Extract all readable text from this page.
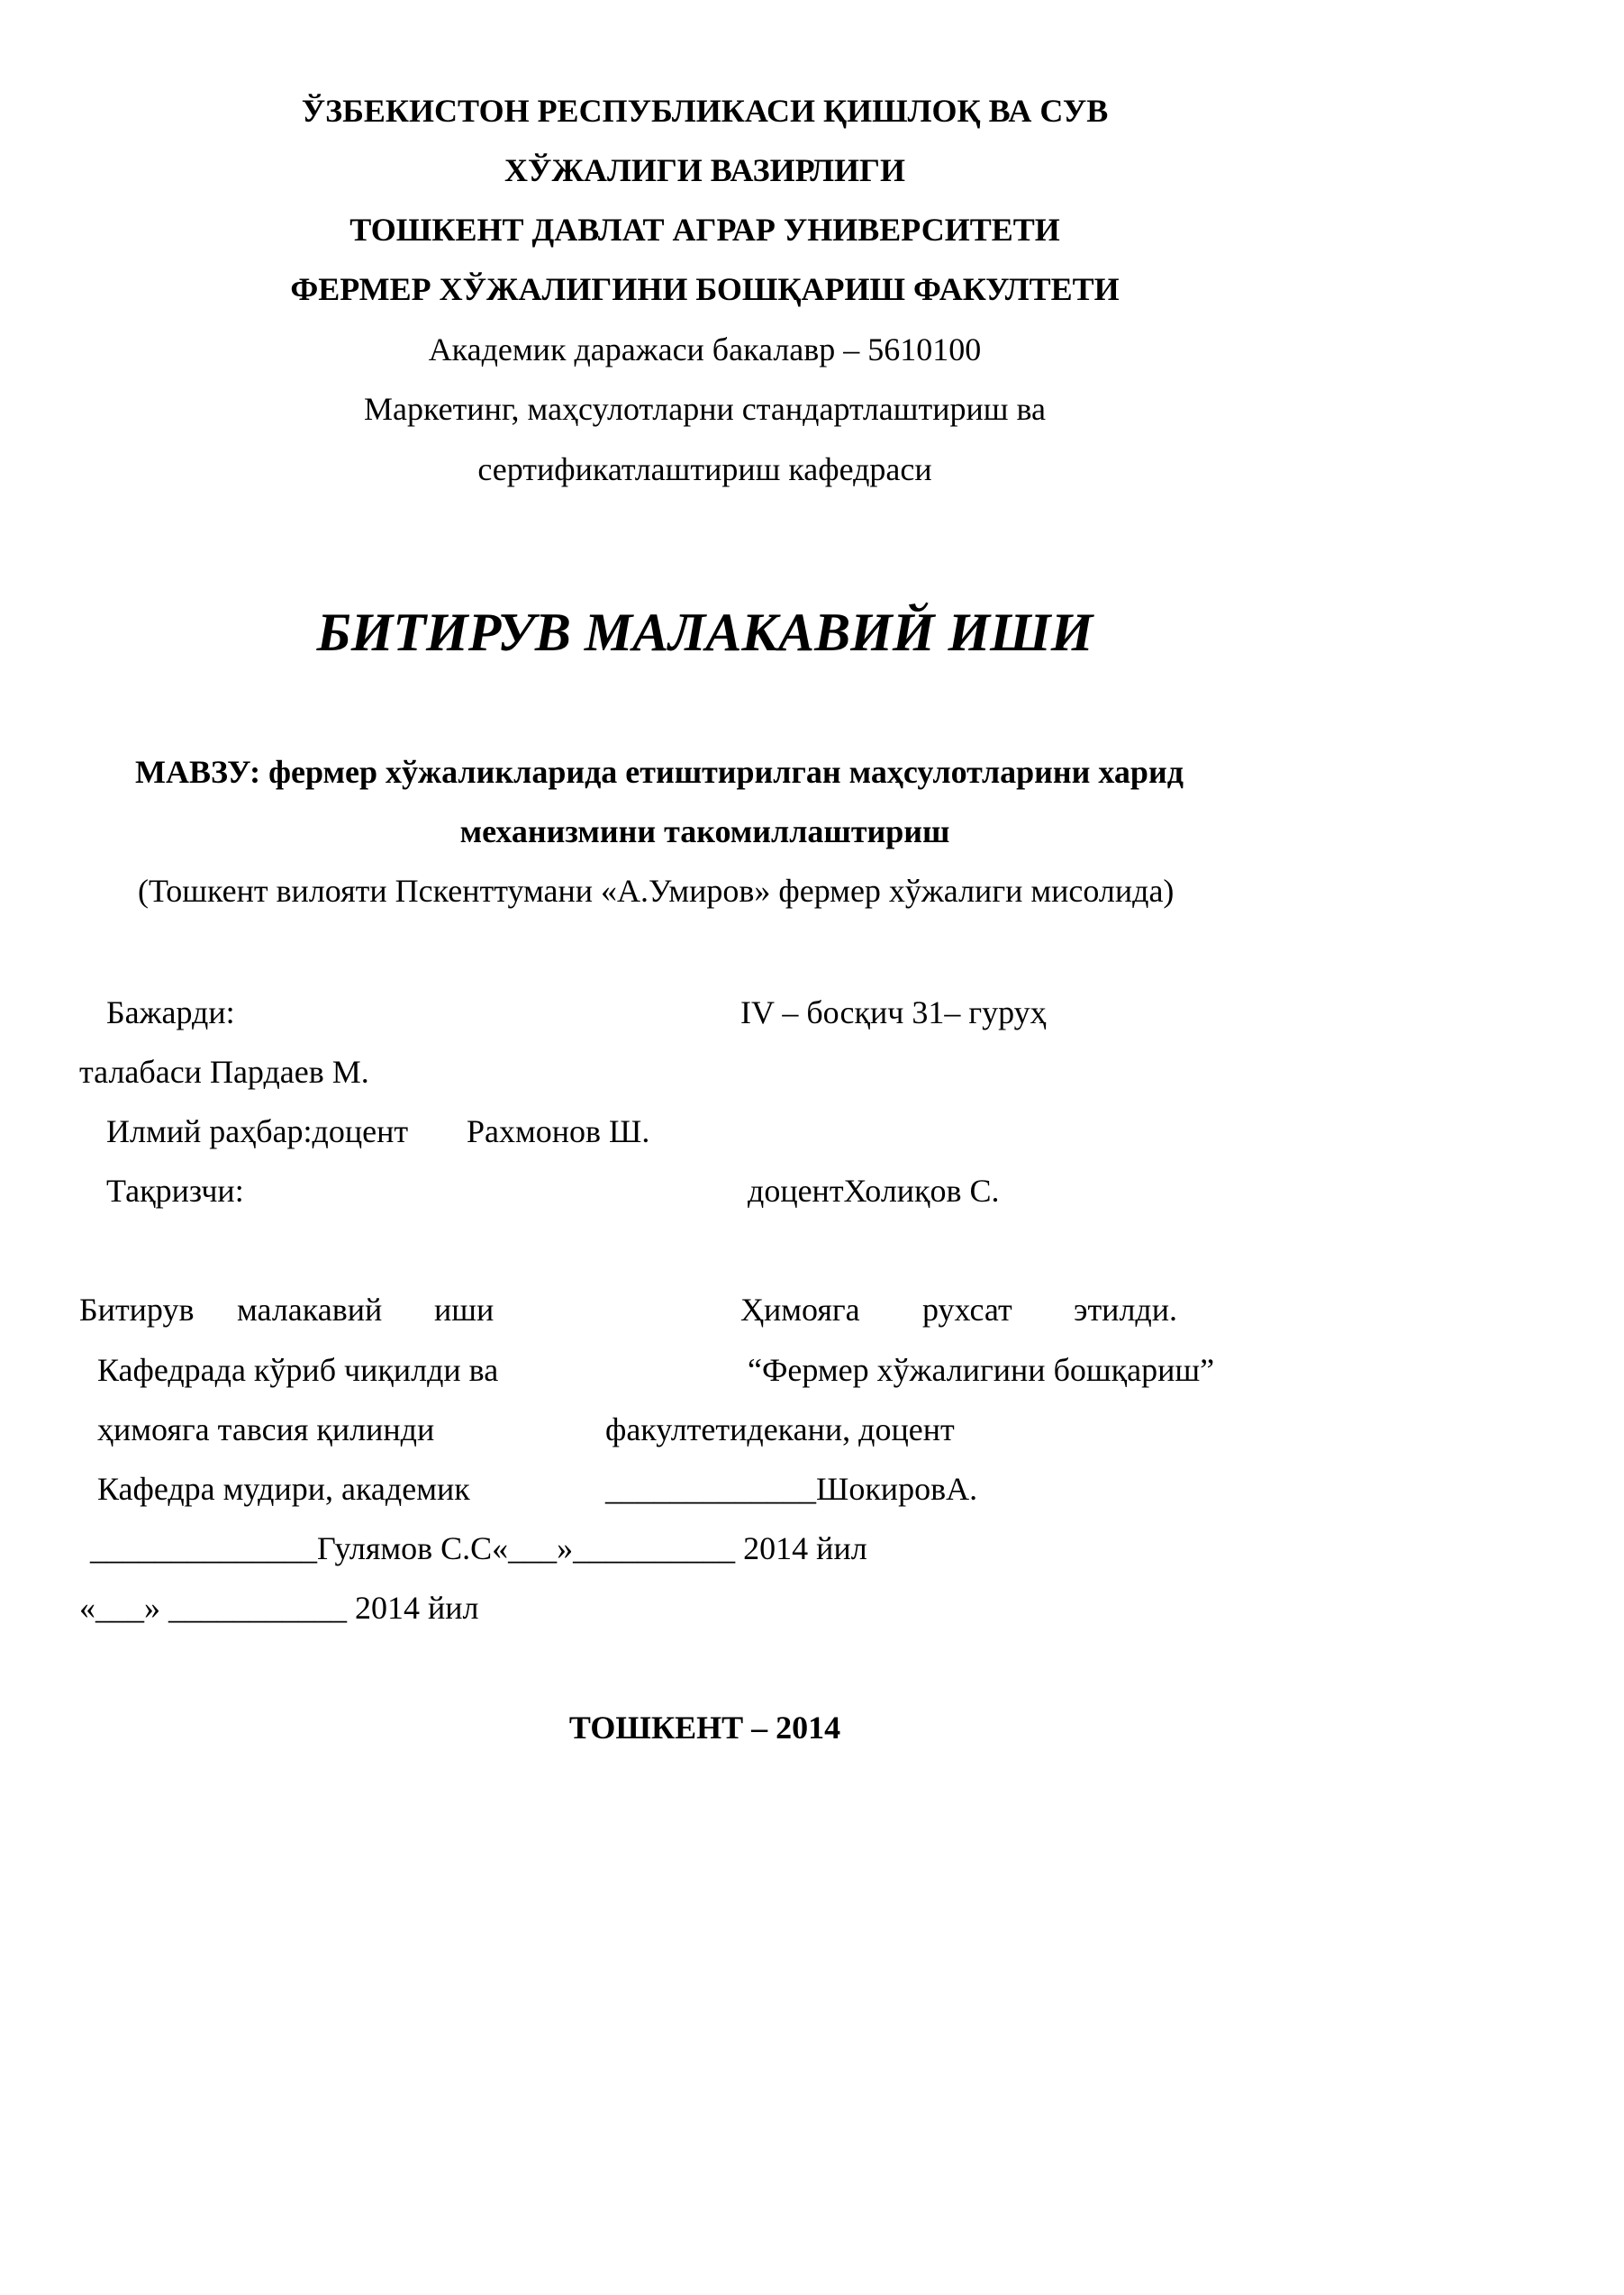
ЎЗБЕКИСТОН РЕСПУБЛИКАСИ ҚИШЛОҚ ВА СУВ
ХЎЖАЛИГИ ВАЗИРЛИГИ
ТОШКЕНТ ДАВЛАТ АГРАР УНИВЕРСИТЕТИ
ФЕРМЕР ХЎЖАЛИГИНИ БОШҚАРИШ ФАКУЛТЕТИ
Академик даражаси бакалавр – 5610100
Маркетинг, маҳсулотларни стандартлаштириш ва
сертификатлаштириш кафедраси
БИТИРУВ МАЛАКАВИЙ ИШИ
МАВЗУ: фермер хўжаликларида етиштирилган маҳсулотларини харид
механизмини такомиллаштириш
(Тошкент вилояти Пскенттумани «А.Умиров» фермер хўжалиги мисолида)
Бажарди:	IV – босқич 31– гуруҳ
талабаси Пардаев М.
Илмий раҳбар:доцент Рахмонов Ш.
Тақризчи:	доцентХолиқов С.
Битирув малакавий иши	Ҳимояга рухсат этилди.
Кафедрада кўриб чиқилди ва	“Фермер хўжалигини бошқариш”
ҳимояга тавсия қилинди	факултетидекани, доцент
Кафедра мудири, академик	_____________ШокировА.
______________Гулямов С.С«___»__________ 2014 йил
«___» ___________ 2014 йил
ТОШКЕНТ – 2014
